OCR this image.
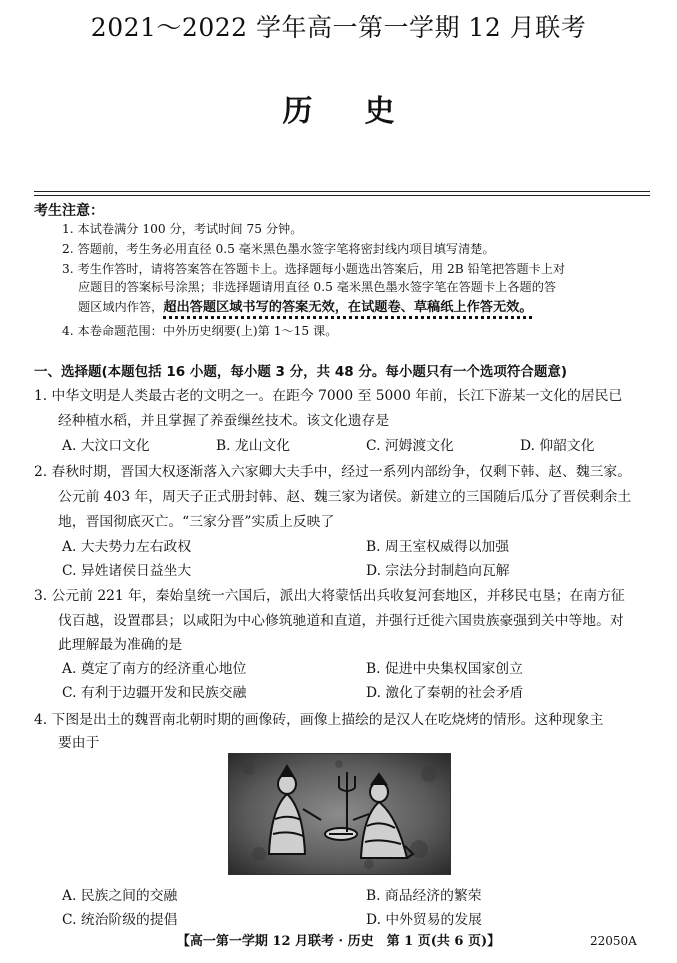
2021～2022 学年高一第一学期 12 月联考
历 史
考生注意：
1. 本试卷满分 100 分，考试时间 75 分钟。
2. 答题前，考生务必用直径 0.5 毫米黑色墨水签字笔将密封线内项目填写清楚。
3. 考生作答时，请将答案答在答题卡上。选择题每小题选出答案后，用 2B 铅笔把答题卡上对
应题目的答案标号涂黑；非选择题请用直径 0.5 毫米黑色墨水签字笔在答题卡上各题的答
题区域内作答，超出答题区域书写的答案无效，在试题卷、草稿纸上作答无效。
4. 本卷命题范围：中外历史纲要(上)第 1～15 课。
一、选择题(本题包括 16 小题，每小题 3 分，共 48 分。每小题只有一个选项符合题意)
1. 中华文明是人类最古老的文明之一。在距今 7000 至 5000 年前，长江下游某一文化的居民已
经种植水稻，并且掌握了养蚕缫丝技术。该文化遗存是
A. 大汶口文化	B. 龙山文化	C. 河姆渡文化	D. 仰韶文化
2. 春秋时期，晋国大权逐渐落入六家卿大夫手中，经过一系列内部纷争，仅剩下韩、赵、魏三家。
公元前 403 年，周天子正式册封韩、赵、魏三家为诸侯。新建立的三国随后瓜分了晋侯剩余土
地，晋国彻底灭亡。“三家分晋”实质上反映了
A. 大夫势力左右政权	B. 周王室权威得以加强
C. 异姓诸侯日益坐大	D. 宗法分封制趋向瓦解
3. 公元前 221 年，秦始皇统一六国后，派出大将蒙恬出兵收复河套地区，并移民屯垦；在南方征
伐百越，设置郡县；以咸阳为中心修筑驰道和直道，并强行迁徙六国贵族豪强到关中等地。对
此理解最为准确的是
A. 奠定了南方的经济重心地位	B. 促进中央集权国家创立
C. 有利于边疆开发和民族交融	D. 激化了秦朝的社会矛盾
4. 下图是出土的魏晋南北朝时期的画像砖，画像上描绘的是汉人在吃烧烤的情形。这种现象主
要由于
A. 民族之间的交融	B. 商品经济的繁荣
C. 统治阶级的提倡	D. 中外贸易的发展
【高一第一学期 12 月联考 · 历史　第 1 页(共 6 页)】	22050A
